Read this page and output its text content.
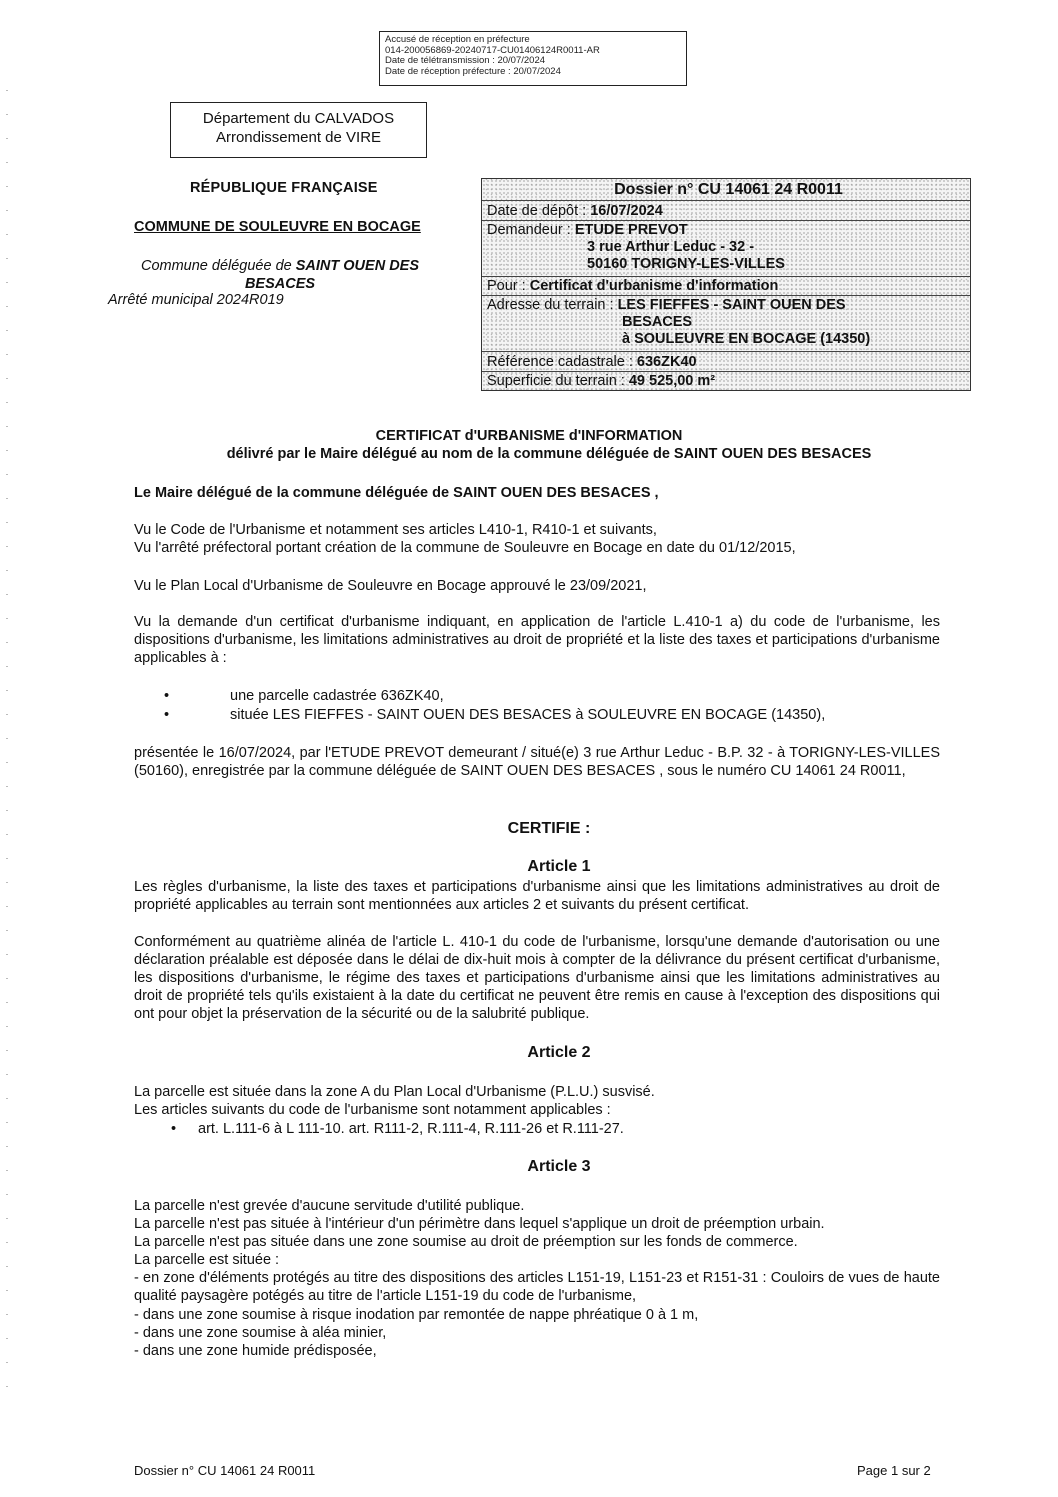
Accusé de réception en préfecture
014-200056869-20240717-CU01406124R0011-AR
Date de télétransmission : 20/07/2024
Date de réception préfecture : 20/07/2024
Département du CALVADOS
Arrondissement de VIRE
RÉPUBLIQUE FRANÇAISE
COMMUNE DE SOULEUVRE EN BOCAGE
Commune déléguée de SAINT OUEN DES BESACES
Arrêté municipal 2024R019
Dossier n° CU 14061 24 R0011
Date de dépôt : 16/07/2024
Demandeur : ETUDE PREVOT
3 rue Arthur Leduc - 32 -
50160 TORIGNY-LES-VILLES
Pour : Certificat d'urbanisme d'information
Adresse du terrain : LES FIEFFES - SAINT OUEN DES
BESACES
à SOULEUVRE EN BOCAGE (14350)
Référence cadastrale : 636ZK40
Superficie du terrain : 49 525,00 m²
CERTIFICAT d'URBANISME d'INFORMATION
délivré par le Maire délégué au nom de la commune déléguée de SAINT OUEN DES BESACES
Le Maire délégué de la commune déléguée de SAINT OUEN DES BESACES ,
Vu le Code de l'Urbanisme et notamment ses articles L410-1, R410-1 et suivants,
Vu l'arrêté préfectoral portant création de la commune de Souleuvre en Bocage en date du 01/12/2015,
Vu le Plan Local d'Urbanisme de Souleuvre en Bocage approuvé le 23/09/2021,
Vu la demande d'un certificat d'urbanisme indiquant, en application de l'article L.410-1 a) du code de l'urbanisme, les dispositions d'urbanisme, les limitations administratives au droit de propriété et la liste des taxes et participations d'urbanisme applicables à :
•	une parcelle cadastrée 636ZK40,
•	située LES FIEFFES - SAINT OUEN DES BESACES à SOULEUVRE EN BOCAGE (14350),
présentée le 16/07/2024, par l'ETUDE PREVOT demeurant / situé(e) 3 rue Arthur Leduc - B.P. 32 - à TORIGNY-LES-VILLES (50160), enregistrée par la commune déléguée de SAINT OUEN DES BESACES , sous le numéro CU 14061 24 R0011,
CERTIFIE :
Article 1
Les règles d'urbanisme, la liste des taxes et participations d'urbanisme ainsi que les limitations administratives au droit de propriété applicables au terrain sont mentionnées aux articles 2 et suivants du présent certificat.
Conformément au quatrième alinéa de l'article L. 410-1 du code de l'urbanisme, lorsqu'une demande d'autorisation ou une déclaration préalable est déposée dans le délai de dix-huit mois à compter de la délivrance du présent certificat d'urbanisme, les dispositions d'urbanisme, le régime des taxes et participations d'urbanisme ainsi que les limitations administratives au droit de propriété tels qu'ils existaient à la date du certificat ne peuvent être remis en cause à l'exception des dispositions qui ont pour objet la préservation de la sécurité ou de la salubrité publique.
Article 2
La parcelle est située dans la zone A du Plan Local d'Urbanisme (P.L.U.) susvisé.
Les articles suivants du code de l'urbanisme sont notamment applicables :
• art. L.111-6 à L 111-10. art. R111-2, R.111-4, R.111-26 et R.111-27.
Article 3
La parcelle n'est grevée d'aucune servitude d'utilité publique.
La parcelle n'est pas située à l'intérieur d'un périmètre dans lequel s'applique un droit de préemption urbain.
La parcelle n'est pas située dans une zone soumise au droit de préemption sur les fonds de commerce.
La parcelle est située :
- en zone d'éléments protégés au titre des dispositions des articles L151-19, L151-23 et R151-31 : Couloirs de vues de haute qualité paysagère potégés au titre de l'article L151-19 du code de l'urbanisme,
- dans une zone soumise à risque inodation par remontée de nappe phréatique 0 à 1 m,
- dans une zone soumise à aléa minier,
- dans une zone humide prédisposée,
Dossier n° CU 14061 24 R0011	Page 1 sur 2
